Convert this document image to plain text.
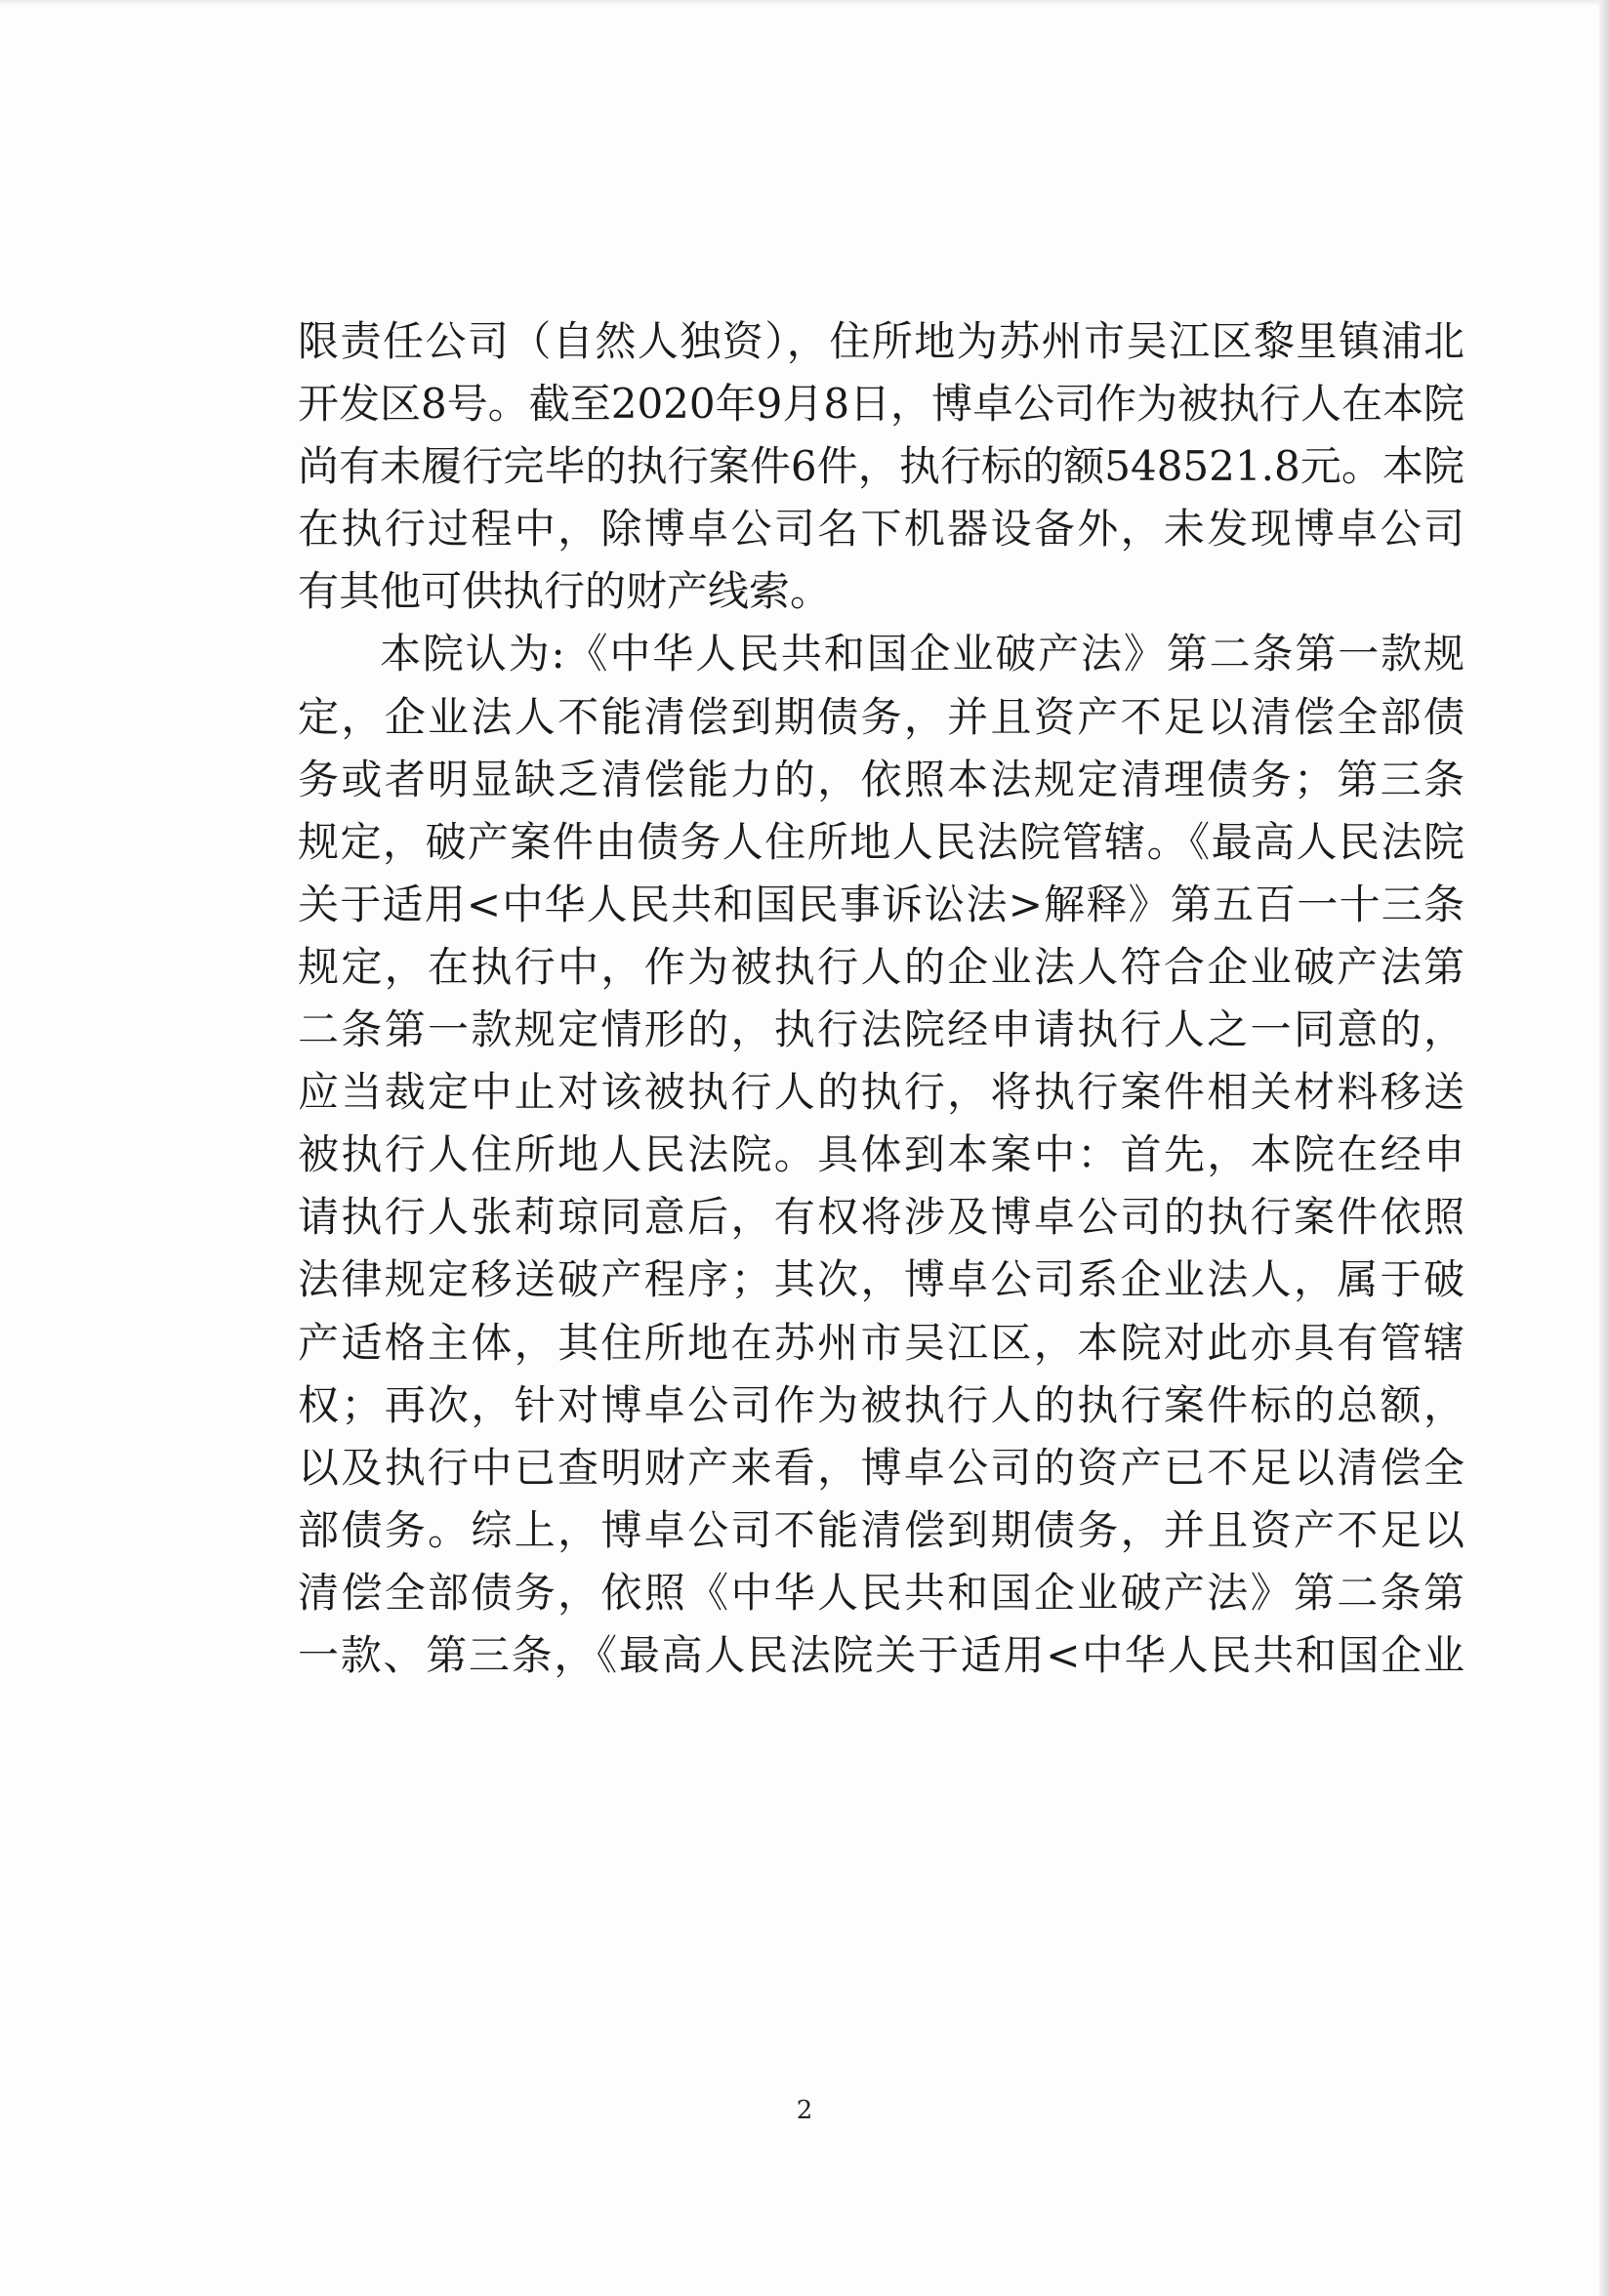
限责任公司（自然人独资），住所地为苏州市吴江区黎里镇浦北
开发区8号。截至2020年9月8日，博卓公司作为被执行人在本院
尚有未履行完毕的执行案件6件，执行标的额548521.8元。本院
在执行过程中，除博卓公司名下机器设备外，未发现博卓公司
有其他可供执行的财产线索。
本院认为:《中华人民共和国企业破产法》第二条第一款规
定，企业法人不能清偿到期债务，并且资产不足以清偿全部债
务或者明显缺乏清偿能力的，依照本法规定清理债务；第三条
规定，破产案件由债务人住所地人民法院管辖。《最高人民法院
关于适用<中华人民共和国民事诉讼法>解释》第五百一十三条
规定，在执行中，作为被执行人的企业法人符合企业破产法第
二条第一款规定情形的，执行法院经申请执行人之一同意的，
应当裁定中止对该被执行人的执行，将执行案件相关材料移送
被执行人住所地人民法院。具体到本案中：首先，本院在经申
请执行人张莉琼同意后，有权将涉及博卓公司的执行案件依照
法律规定移送破产程序；其次，博卓公司系企业法人，属于破
产适格主体，其住所地在苏州市吴江区，本院对此亦具有管辖
权；再次，针对博卓公司作为被执行人的执行案件标的总额，
以及执行中已查明财产来看，博卓公司的资产已不足以清偿全
部债务。综上，博卓公司不能清偿到期债务，并且资产不足以
清偿全部债务，依照《中华人民共和国企业破产法》第二条第
一款、第三条，《最高人民法院关于适用<中华人民共和国企业
2
